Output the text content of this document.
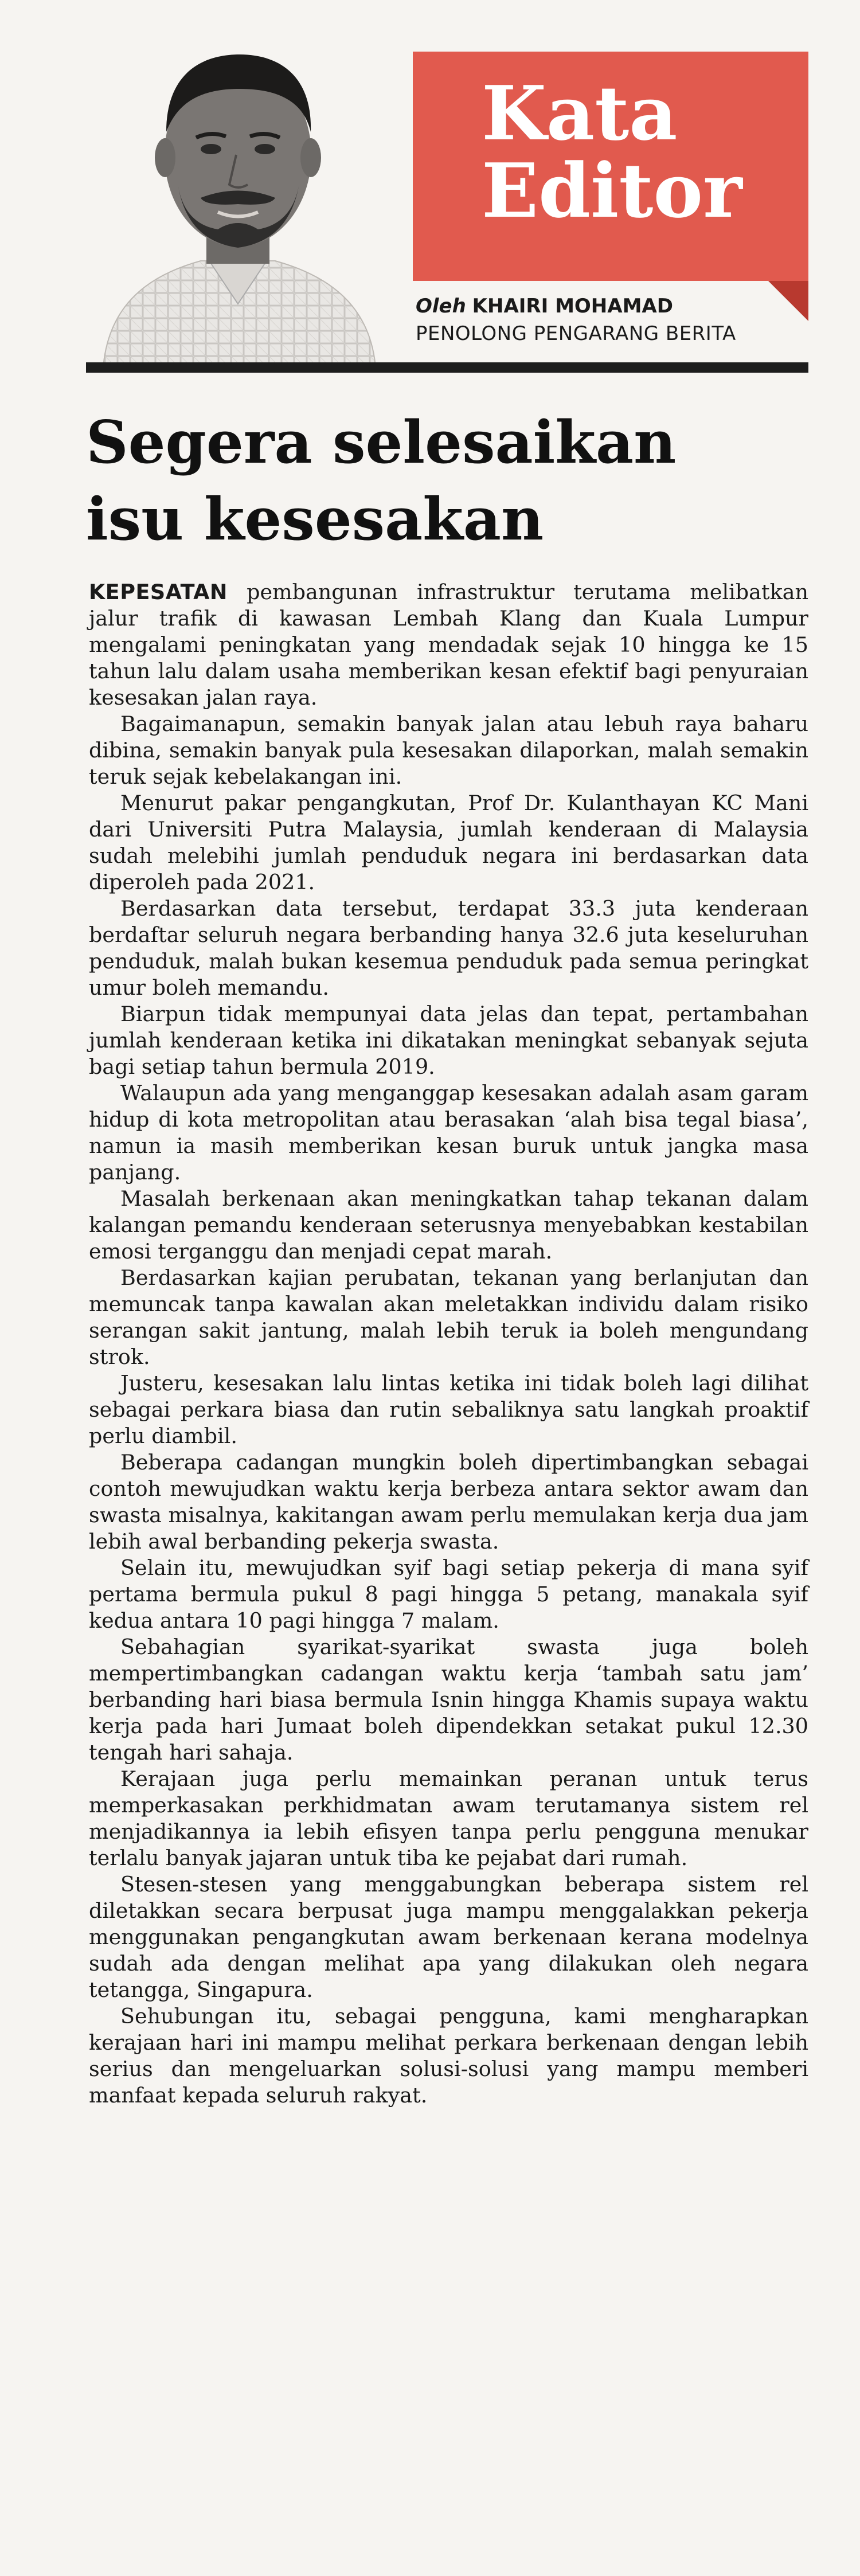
Kata
Editor
Oleh KHAIRI MOHAMAD
PENOLONG PENGARANG BERITA
Segera selesaikan
isu kesesakan

KEPESATAN pembangunan infrastruktur terutama melibatkan jalur trafik di kawasan Lembah Klang dan Kuala Lumpur mengalami peningkatan yang mendadak sejak 10 hingga ke 15 tahun lalu dalam usaha memberikan kesan efektif bagi penyuraian kesesakan jalan raya.

Bagaimanapun, semakin banyak jalan atau lebuh raya baharu dibina, semakin banyak pula kesesakan dilaporkan, malah semakin teruk sejak kebelakangan ini.

Menurut pakar pengangkutan, Prof Dr. Kulanthayan KC Mani dari Universiti Putra Malaysia, jumlah kenderaan di Malaysia sudah melebihi jumlah penduduk negara ini berdasarkan data diperoleh pada 2021.

Berdasarkan data tersebut, terdapat 33.3 juta kenderaan berdaftar seluruh negara berbanding hanya 32.6 juta keseluruhan penduduk, malah bukan kesemua penduduk pada semua peringkat umur boleh memandu.

Biarpun tidak mempunyai data jelas dan tepat, pertambahan jumlah kenderaan ketika ini dikatakan meningkat sebanyak sejuta bagi setiap tahun bermula 2019.

Walaupun ada yang menganggap kesesakan adalah asam garam hidup di kota metropolitan atau berasakan ‘alah bisa tegal biasa’, namun ia masih memberikan kesan buruk untuk jangka masa panjang.

Masalah berkenaan akan meningkatkan tahap tekanan dalam kalangan pemandu kenderaan seterusnya menyebabkan kestabilan emosi terganggu dan menjadi cepat marah.

Berdasarkan kajian perubatan, tekanan yang berlanjutan dan memuncak tanpa kawalan akan meletakkan individu dalam risiko serangan sakit jantung, malah lebih teruk ia boleh mengundang strok.

Justeru, kesesakan lalu lintas ketika ini tidak boleh lagi dilihat sebagai perkara biasa dan rutin sebaliknya satu langkah proaktif perlu diambil.

Beberapa cadangan mungkin boleh dipertimbangkan sebagai contoh mewujudkan waktu kerja berbeza antara sektor awam dan swasta misalnya, kakitangan awam perlu memulakan kerja dua jam lebih awal berbanding pekerja swasta.

Selain itu, mewujudkan syif bagi setiap pekerja di mana syif pertama bermula pukul 8 pagi hingga 5 petang, manakala syif kedua antara 10 pagi hingga 7 malam.

Sebahagian syarikat-syarikat swasta juga boleh mempertimbangkan cadangan waktu kerja ‘tambah satu jam’ berbanding hari biasa bermula Isnin hingga Khamis supaya waktu kerja pada hari Jumaat boleh dipendekkan setakat pukul 12.30 tengah hari sahaja.

Kerajaan juga perlu memainkan peranan untuk terus memperkasakan perkhidmatan awam terutamanya sistem rel menjadikannya ia lebih efisyen tanpa perlu pengguna menukar terlalu banyak jajaran untuk tiba ke pejabat dari rumah.

Stesen-stesen yang menggabungkan beberapa sistem rel diletakkan secara berpusat juga mampu menggalakkan pekerja menggunakan pengangkutan awam berkenaan kerana modelnya sudah ada dengan melihat apa yang dilakukan oleh negara tetangga, Singapura.

Sehubungan itu, sebagai pengguna, kami mengharapkan kerajaan hari ini mampu melihat perkara berkenaan dengan lebih serius dan mengeluarkan solusi-solusi yang mampu memberi manfaat kepada seluruh rakyat.
